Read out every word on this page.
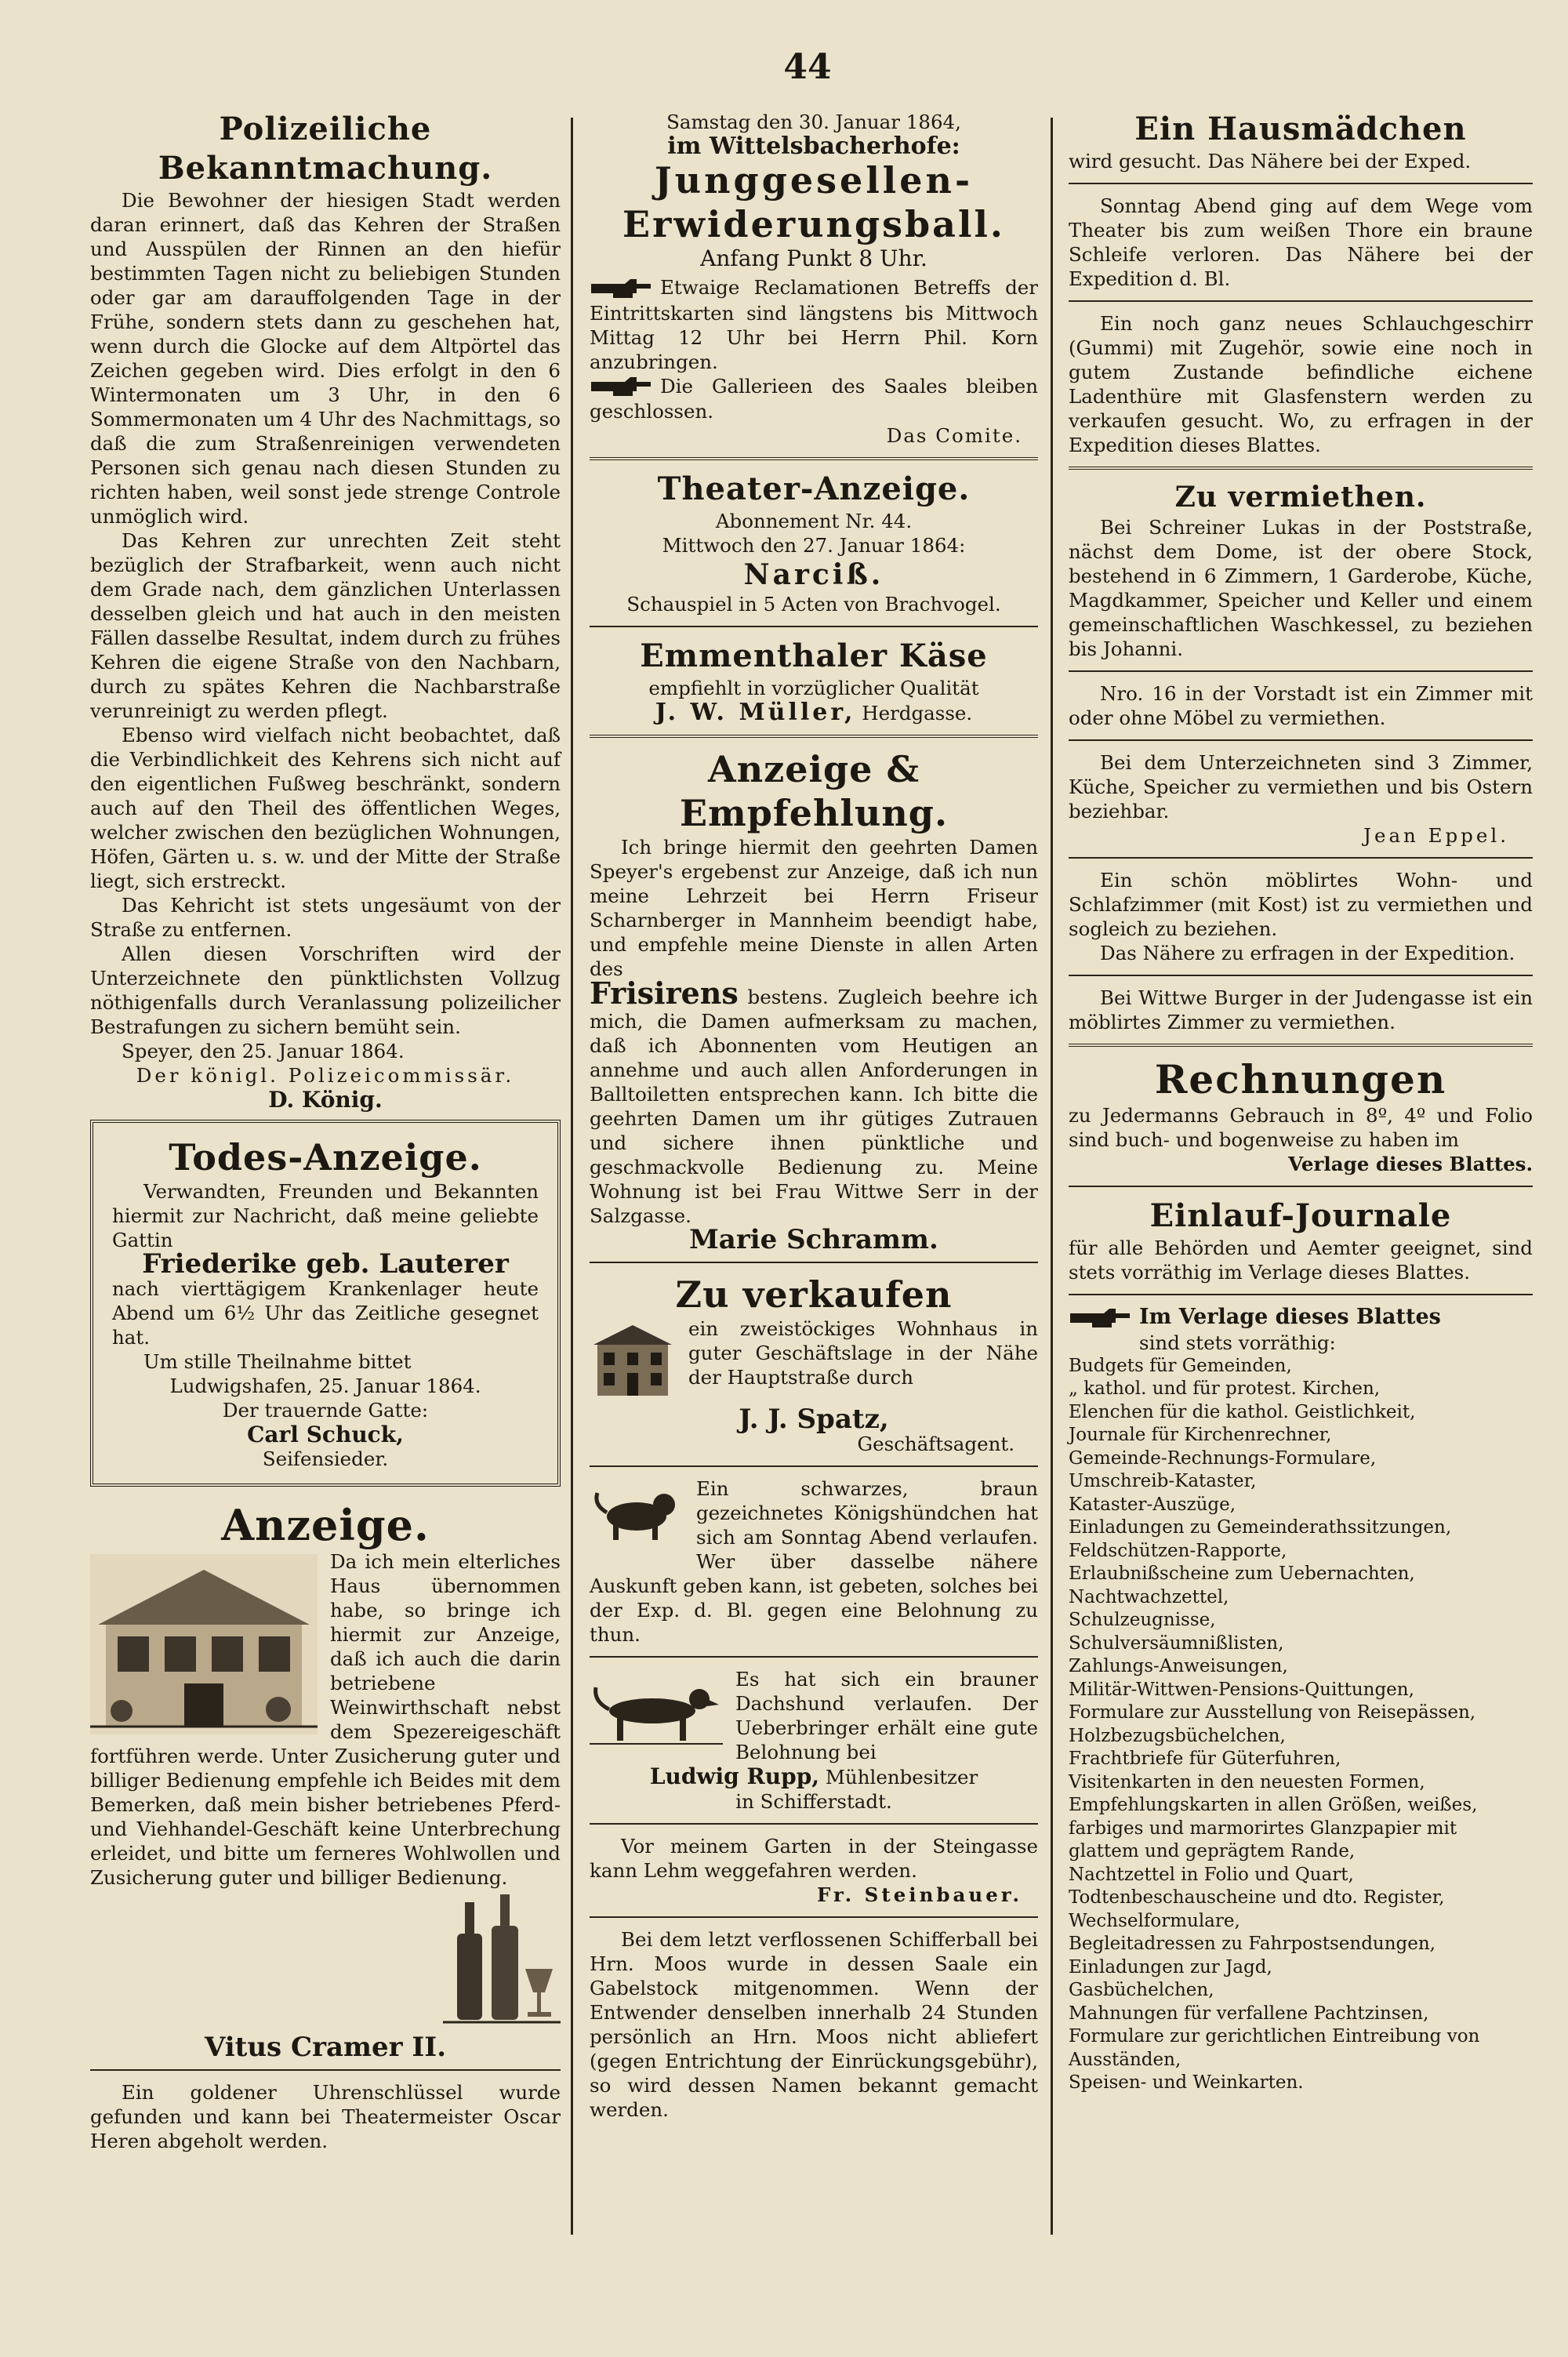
44
Polizeiliche Bekanntmachung.

Die Bewohner der hiesigen Stadt werden daran erinnert, daß das Kehren der Straßen und Ausspülen der Rinnen an den hiefür bestimmten Tagen nicht zu beliebigen Stunden oder gar am darauffolgenden Tage in der Frühe, sondern stets dann zu geschehen hat, wenn durch die Glocke auf dem Altpörtel das Zeichen gegeben wird. Dies erfolgt in den 6 Wintermonaten um 3 Uhr, in den 6 Sommermonaten um 4 Uhr des Nachmittags, so daß die zum Straßenreinigen verwendeten Personen sich genau nach diesen Stunden zu richten haben, weil sonst jede strenge Controle unmöglich wird.

Das Kehren zur unrechten Zeit steht bezüglich der Strafbarkeit, wenn auch nicht dem Grade nach, dem gänzlichen Unterlassen desselben gleich und hat auch in den meisten Fällen dasselbe Resultat, indem durch zu frühes Kehren die eigene Straße von den Nachbarn, durch zu spätes Kehren die Nachbarstraße verunreinigt zu werden pflegt.

Ebenso wird vielfach nicht beobachtet, daß die Verbindlichkeit des Kehrens sich nicht auf den eigentlichen Fußweg beschränkt, sondern auch auf den Theil des öffentlichen Weges, welcher zwischen den bezüglichen Wohnungen, Höfen, Gärten u. s. w. und der Mitte der Straße liegt, sich erstreckt.

Das Kehricht ist stets ungesäumt von der Straße zu entfernen.

Allen diesen Vorschriften wird der Unterzeichnete den pünktlichsten Vollzug nöthigenfalls durch Veranlassung polizeilicher Bestrafungen zu sichern bemüht sein.

Speyer, den 25. Januar 1864.

Der königl. Polizeicommissär.

D. König.

Todes-Anzeige.

Verwandten, Freunden und Bekannten hiermit zur Nachricht, daß meine geliebte Gattin

Friederike geb. Lauterer

nach vierttägigem Krankenlager heute Abend um 6½ Uhr das Zeitliche gesegnet hat.

Um stille Theilnahme bittet

Ludwigshafen, 25. Januar 1864.

Der trauernde Gatte:

Carl Schuck,

Seifensieder.

Anzeige.

Da ich mein elterliches Haus übernommen habe, so bringe ich hiermit zur Anzeige, daß ich auch die darin betriebene Weinwirthschaft nebst dem Spezereigeschäft fortführen werde. Unter Zusicherung guter und billiger Bedienung empfehle ich Beides mit dem Bemerken, daß mein bisher betriebenes Pferd- und Viehhandel-Geschäft keine Unterbrechung erleidet, und bitte um ferneres Wohlwollen und Zusicherung guter und billiger Bedienung.

Vitus Cramer II.

Ein goldener Uhrenschlüssel wurde gefunden und kann bei Theatermeister Oscar Heren abgeholt werden.

Samstag den 30. Januar 1864,

im Wittelsbacherhofe:

Junggesellen-
Erwiderungsball.

Anfang Punkt 8 Uhr.

Etwaige Reclamationen Betreffs der Eintrittskarten sind längstens bis Mittwoch Mittag 12 Uhr bei Herrn Phil. Korn anzubringen.

Die Gallerieen des Saales bleiben geschlossen.

Das Comite.

Theater-Anzeige.

Abonnement Nr. 44.

Mittwoch den 27. Januar 1864:

Narciß.

Schauspiel in 5 Acten von Brachvogel.

Emmenthaler Käse

empfiehlt in vorzüglicher Qualität

J. W. Müller, Herdgasse.

Anzeige & Empfehlung.

Ich bringe hiermit den geehrten Damen Speyer's ergebenst zur Anzeige, daß ich nun meine Lehrzeit bei Herrn Friseur Scharnberger in Mannheim beendigt habe, und empfehle meine Dienste in allen Arten des

Frisirens bestens. Zugleich beehre ich mich, die Damen aufmerksam zu machen, daß ich Abonnenten vom Heutigen an annehme und auch allen Anforderungen in Balltoiletten entsprechen kann. Ich bitte die geehrten Damen um ihr gütiges Zutrauen und sichere ihnen pünktliche und geschmackvolle Bedienung zu. Meine Wohnung ist bei Frau Wittwe Serr in der Salzgasse.

Marie Schramm.

Zu verkaufen

ein zweistöckiges Wohnhaus in guter Geschäftslage in der Nähe der Hauptstraße durch

J. J. Spatz,

Geschäftsagent.

Ein schwarzes, braun gezeichnetes Königshündchen hat sich am Sonntag Abend verlaufen. Wer über dasselbe nähere Auskunft geben kann, ist gebeten, solches bei der Exp. d. Bl. gegen eine Belohnung zu thun.

Es hat sich ein brauner Dachshund verlaufen. Der Ueberbringer erhält eine gute Belohnung bei

Ludwig Rupp, Mühlenbesitzer

in Schifferstadt.

Vor meinem Garten in der Steingasse kann Lehm weggefahren werden.

Fr. Steinbauer.

Bei dem letzt verflossenen Schifferball bei Hrn. Moos wurde in dessen Saale ein Gabelstock mitgenommen. Wenn der Entwender denselben innerhalb 24 Stunden persönlich an Hrn. Moos nicht abliefert (gegen Entrichtung der Einrückungsgebühr), so wird dessen Namen bekannt gemacht werden.

Ein Hausmädchen

wird gesucht. Das Nähere bei der Exped.

Sonntag Abend ging auf dem Wege vom Theater bis zum weißen Thore ein braune Schleife verloren. Das Nähere bei der Expedition d. Bl.

Ein noch ganz neues Schlauchgeschirr (Gummi) mit Zugehör, sowie eine noch in gutem Zustande befindliche eichene Ladenthüre mit Glasfenstern werden zu verkaufen gesucht. Wo, zu erfragen in der Expedition dieses Blattes.

Zu vermiethen.

Bei Schreiner Lukas in der Poststraße, nächst dem Dome, ist der obere Stock, bestehend in 6 Zimmern, 1 Garderobe, Küche, Magdkammer, Speicher und Keller und einem gemeinschaftlichen Waschkessel, zu beziehen bis Johanni.

Nro. 16 in der Vorstadt ist ein Zimmer mit oder ohne Möbel zu vermiethen.

Bei dem Unterzeichneten sind 3 Zimmer, Küche, Speicher zu vermiethen und bis Ostern beziehbar.

Jean Eppel.

Ein schön möblirtes Wohn- und Schlafzimmer (mit Kost) ist zu vermiethen und sogleich zu beziehen.

Das Nähere zu erfragen in der Expedition.

Bei Wittwe Burger in der Judengasse ist ein möblirtes Zimmer zu vermiethen.

Rechnungen

zu Jedermanns Gebrauch in 8º, 4º und Folio sind buch- und bogenweise zu haben im

Verlage dieses Blattes.

Einlauf-Journale

für alle Behörden und Aemter geeignet, sind stets vorräthig im Verlage dieses Blattes.

Im Verlage dieses Blattes

sind stets vorräthig:

Budgets für Gemeinden,
„ kathol. und für protest. Kirchen,
Elenchen für die kathol. Geistlichkeit,
Journale für Kirchenrechner,
Gemeinde-Rechnungs-Formulare,
Umschreib-Kataster,
Kataster-Auszüge,
Einladungen zu Gemeinderathssitzungen,
Feldschützen-Rapporte,
Erlaubnißscheine zum Uebernachten,
Nachtwachzettel,
Schulzeugnisse,
Schulversäumnißlisten,
Zahlungs-Anweisungen,
Militär-Wittwen-Pensions-Quittungen,
Formulare zur Ausstellung von Reisepässen,
Holzbezugsbüchelchen,
Frachtbriefe für Güterfuhren,
Visitenkarten in den neuesten Formen,
Empfehlungskarten in allen Größen, weißes, farbiges und marmorirtes Glanzpapier mit glattem und geprägtem Rande,
Nachtzettel in Folio und Quart,
Todtenbeschauscheine und dto. Register,
Wechselformulare,
Begleitadressen zu Fahrpostsendungen,
Einladungen zur Jagd,
Gasbüchelchen,
Mahnungen für verfallene Pachtzinsen,
Formulare zur gerichtlichen Eintreibung von Ausständen,
Speisen- und Weinkarten.
